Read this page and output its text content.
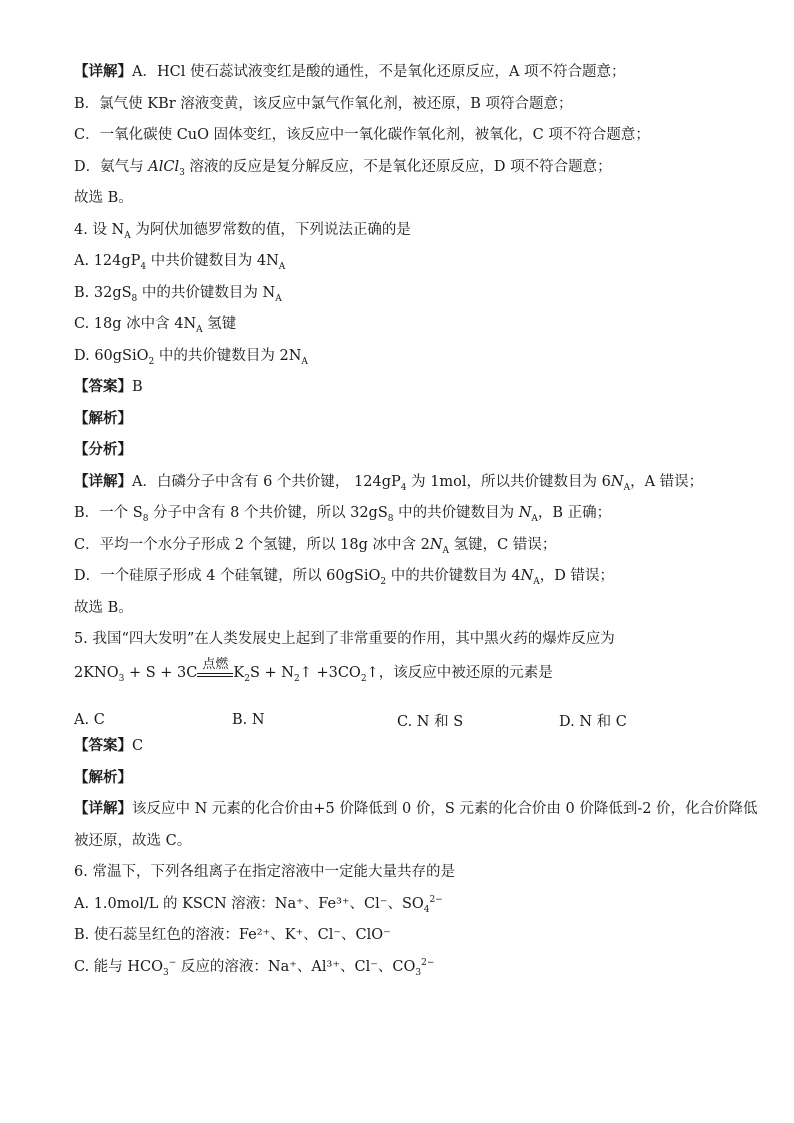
【详解】A．HCl 使石蕊试液变红是酸的通性，不是氧化还原反应，A 项不符合题意；
B．氯气使 KBr 溶液变黄，该反应中氯气作氧化剂，被还原，B 项符合题意；
C．一氧化碳使 CuO 固体变红，该反应中一氧化碳作氧化剂，被氧化，C 项不符合题意；
D．氨气与 AlCl$_3$ 溶液的反应是复分解反应，不是氧化还原反应，D 项不符合题意；
故选 B。
4. 设 $N_A$ 为阿伏加德罗常数的值，下列说法正确的是
A. $124gP_4$ 中共价键数目为 $4N_A$
B. $32gS_8$ 中的共价键数目为 $N_A$
C. 18g 冰中含 $4N_A$ 氢键
D. 60gSiO$_2$ 中的共价键数目为 $2N_A$
【答案】B
【解析】
【分析】
【详解】A．白磷分子中含有 6 个共价键， $124gP_4$ 为 1mol，所以共价键数目为 $6N_A$，A 错误；
B．一个 $S_8$ 分子中含有 8 个共价键，所以 $32gS_8$ 中的共价键数目为 $N_A$，B 正确；
C．平均一个水分子形成 2 个氢键，所以 18g 冰中含 $2N_A$ 氢键，C 错误；
D．一个硅原子形成 4 个硅氧键，所以 60gSiO$_2$ 中的共价键数目为 $4N_A$，D 错误；
故选 B。
5. 我国“四大发明”在人类发展史上起到了非常重要的作用，其中黑火药的爆炸反应为
$2KNO_3 + S + 3C$
点燃
$K_2S$ + $N_2↑$ $+3CO_2↑$，该反应中被还原的元素是
A. C	B. N	C. N 和 S	D. N 和 C
【答案】C
【解析】
【详解】该反应中 N 元素的化合价由+5 价降低到 0 价，S 元素的化合价由 0 价降低到-2 价，化合价降低
被还原，故选 C。
6. 常温下，下列各组离子在指定溶液中一定能大量共存的是
A. 1.0mol/L 的 KSCN 溶液：Na⁺、Fe³⁺、Cl⁻、$SO_4^{2-}$
B. 使石蕊呈红色的溶液：Fe²⁺、K⁺、Cl⁻、ClO⁻
C. 能与 $HCO_3^-$ 反应的溶液：Na⁺、Al³⁺、Cl⁻、$CO_3^{2-}$
